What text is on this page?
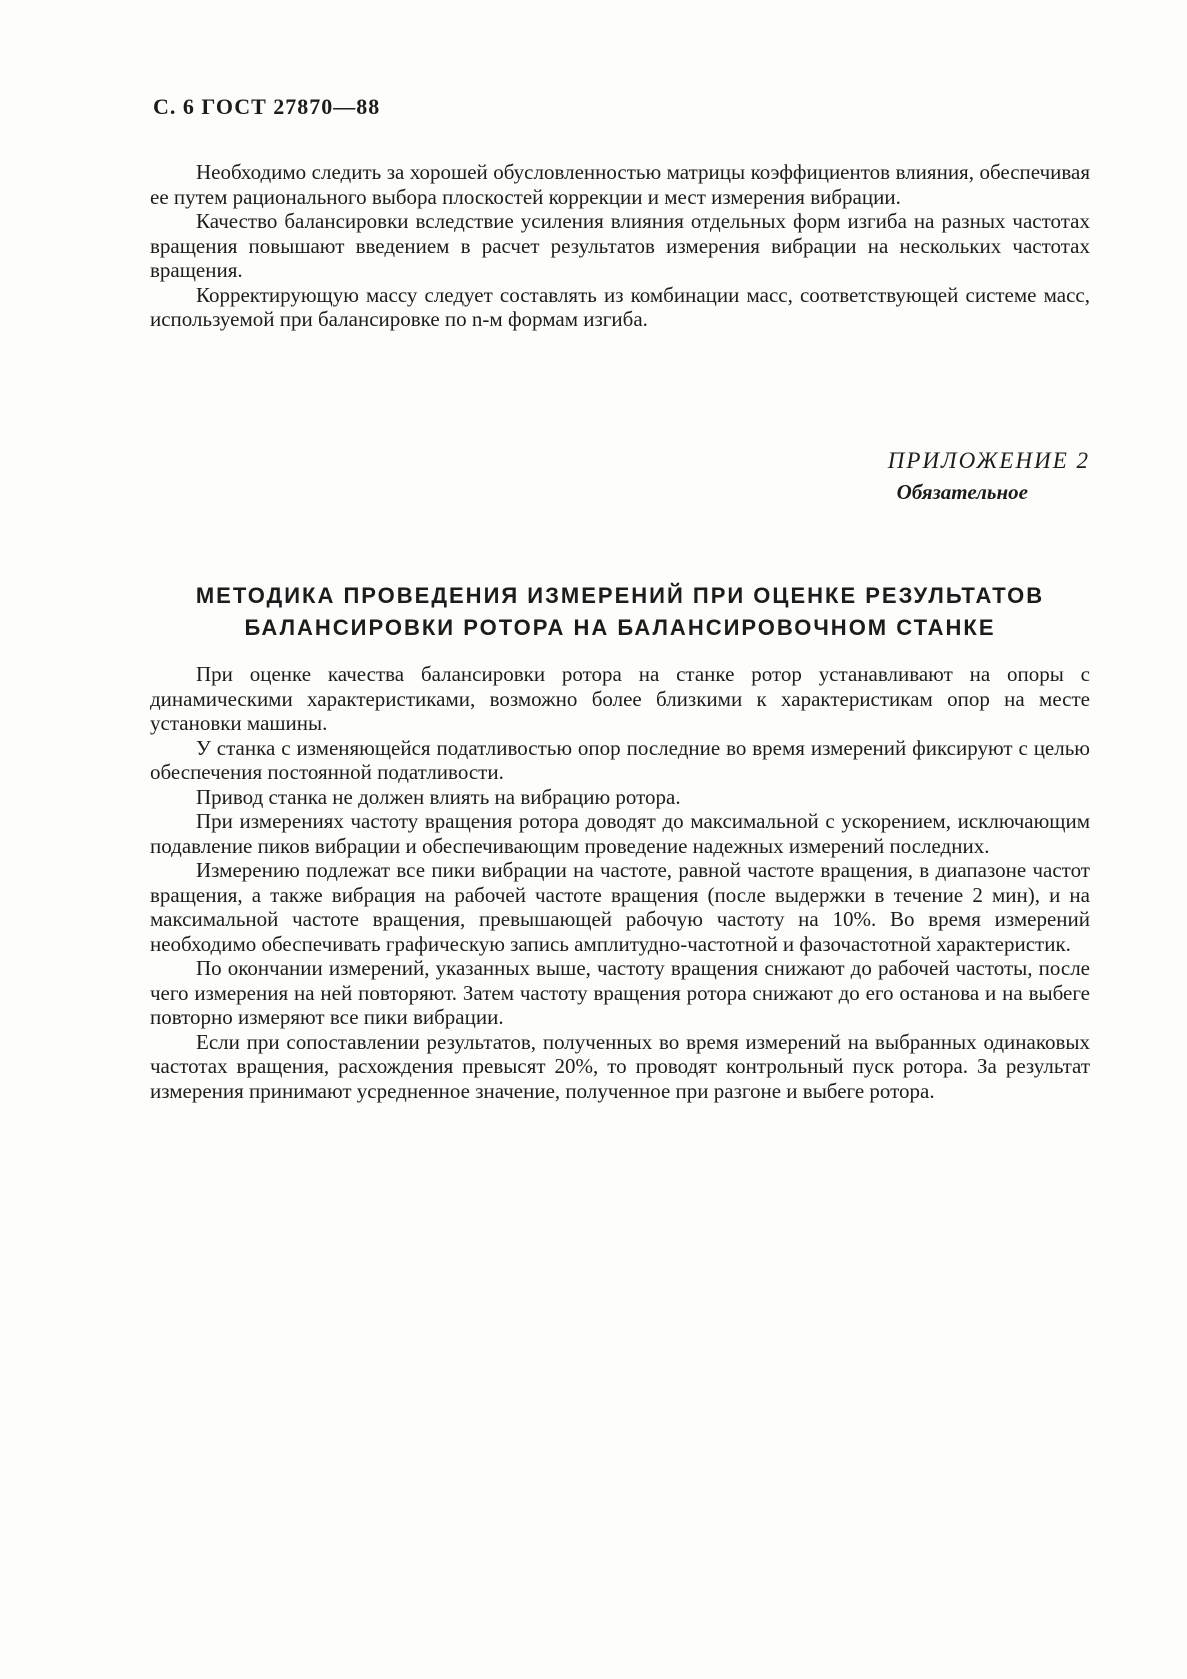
С. 6 ГОСТ 27870—88

Необходимо следить за хорошей обусловленностью матрицы коэффициентов влияния, обеспечивая ее путем рационального выбора плоскостей коррекции и мест измерения вибрации.

Качество балансировки вследствие усиления влияния отдельных форм изгиба на разных частотах вращения повышают введением в расчет результатов измерения вибрации на нескольких частотах вращения.

Корректирующую массу следует составлять из комбинации масс, соответствующей системе масс, используемой при балансировке по n-м формам изгиба.

ПРИЛОЖЕНИЕ 2
Обязательное
МЕТОДИКА ПРОВЕДЕНИЯ ИЗМЕРЕНИЙ ПРИ ОЦЕНКЕ РЕЗУЛЬТАТОВ
БАЛАНСИРОВКИ РОТОРА НА БАЛАНСИРОВОЧНОМ СТАНКЕ

При оценке качества балансировки ротора на станке ротор устанавливают на опоры с динамическими характеристиками, возможно более близкими к характеристикам опор на месте установки машины.

У станка с изменяющейся податливостью опор последние во время измерений фиксируют с целью обеспечения постоянной податливости.

Привод станка не должен влиять на вибрацию ротора.

При измерениях частоту вращения ротора доводят до максимальной с ускорением, исключающим подавление пиков вибрации и обеспечивающим проведение надежных измерений последних.

Измерению подлежат все пики вибрации на частоте, равной частоте вращения, в диапазоне частот вращения, а также вибрация на рабочей частоте вращения (после выдержки в течение 2 мин), и на максимальной частоте вращения, превышающей рабочую частоту на 10%. Во время измерений необходимо обеспечивать графическую запись амплитудно-частотной и фазочастотной характеристик.

По окончании измерений, указанных выше, частоту вращения снижают до рабочей частоты, после чего измерения на ней повторяют. Затем частоту вращения ротора снижают до его останова и на выбеге повторно измеряют все пики вибрации.

Если при сопоставлении результатов, полученных во время измерений на выбранных одинаковых частотах вращения, расхождения превысят 20%, то проводят контрольный пуск ротора. За результат измерения принимают усредненное значение, полученное при разгоне и выбеге ротора.
